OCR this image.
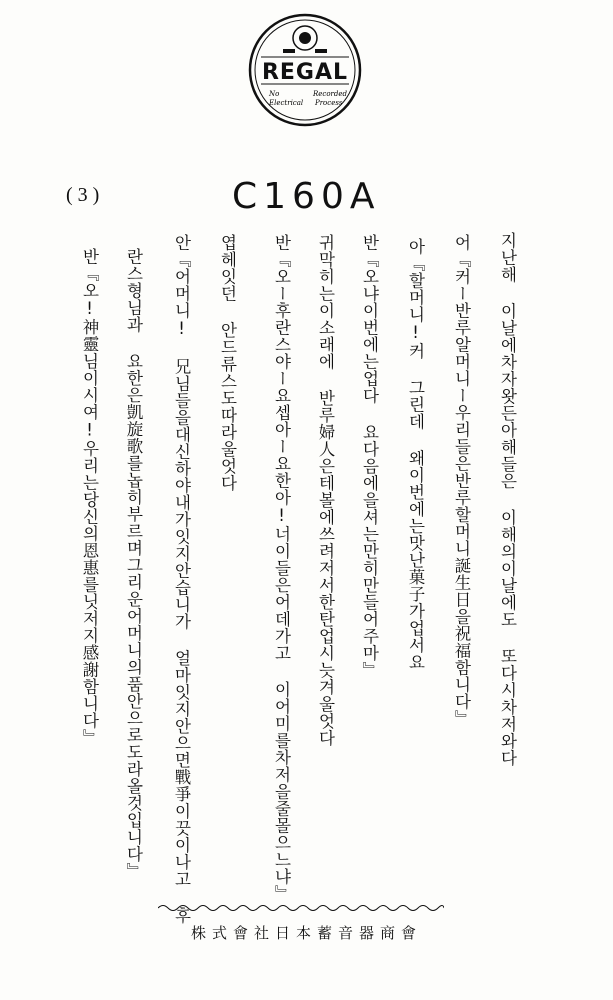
No
Electrical
Recorded
Process
REGAL
( 3 )	C160A
지난해 이날에차자왓든아해들은 이해의이날에도 또다시차저와다
어『커ー반루알머니ー우리들은반루할머니誕生日을祝福함니다』
아『할머니!커 그린데 왜이번에는맛난菓子가업서요
반『오냐이번에는업다 요다음에을셔는만히만들어주마』
귀막히는이소래에 반루婦人은테볼에쓰려저서한탄업시늣겨울엇다
반『오ー후란스야ー요셉아ー요한아!너이들은어데가고 이어미를차저을줄몰으느냐』
엽헤잇던 안드류스도따라울엇다
안『어머니! 兄님들을대신하야내가잇지안습니가 얼마잇지안으면戰爭이끗이나고 후
란스형님과 요한은凱旋歌를놉히부르며그리운어머니의품안으로도라올것입니다』
반『오!神靈님이시여!우리는당신의恩惠를닛저지感謝함니다』
株式會社日本蓄音器商會
